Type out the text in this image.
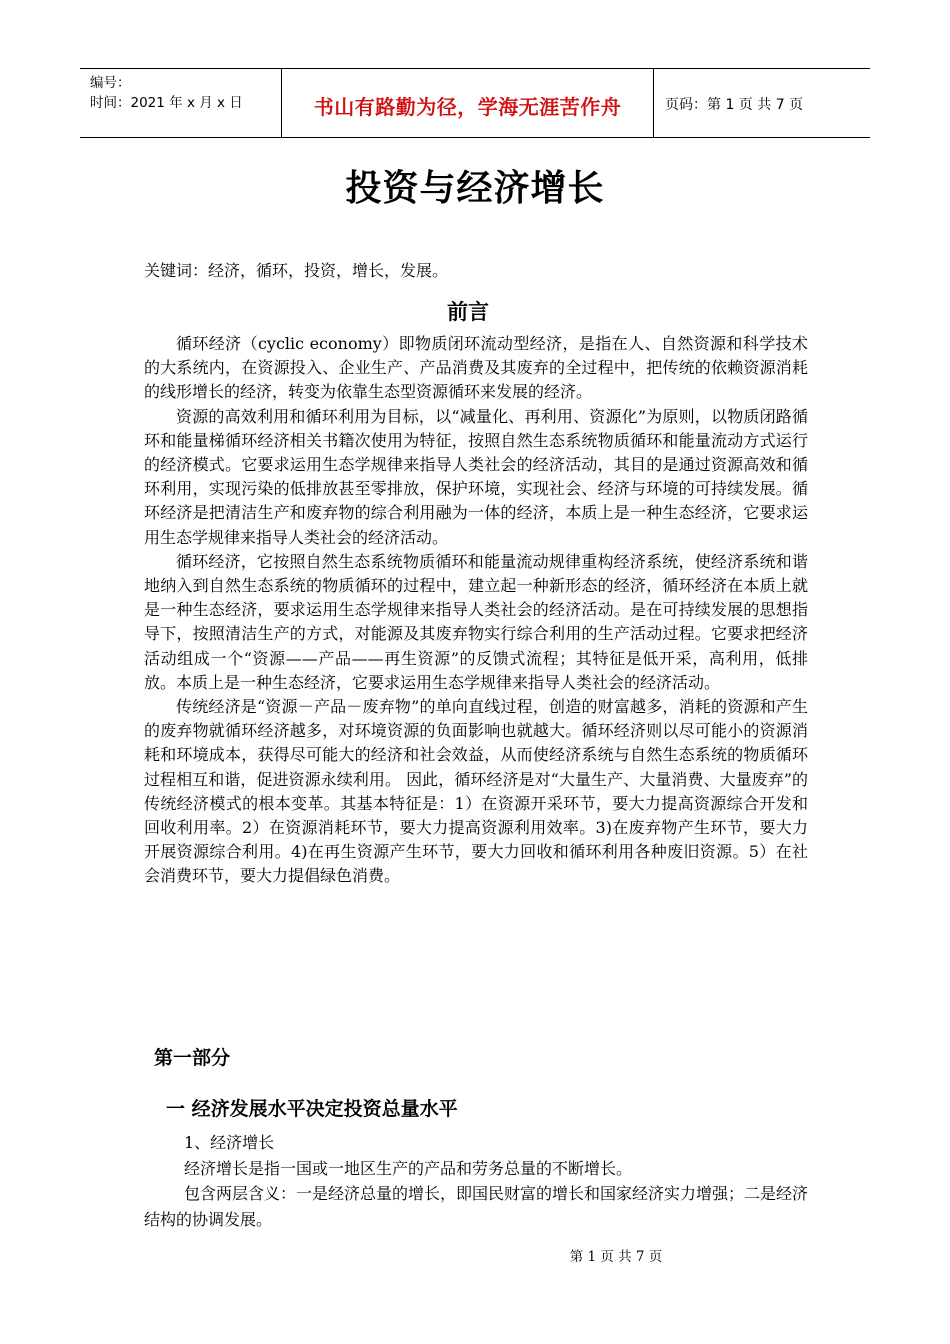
编号：
时间：2021 年 x 月 x 日	书山有路勤为径，学海无涯苦作舟	页码：第 1 页 共 7 页
投资与经济增长
关键词：经济，循环，投资，增长，发展。
前言

循环经济（cyclic economy）即物质闭环流动型经济，是指在人、自然资源和科学技术的大系统内，在资源投入、企业生产、产品消费及其废弃的全过程中，把传统的依赖资源消耗的线形增长的经济，转变为依靠生态型资源循环来发展的经济。

资源的高效利用和循环利用为目标，以“减量化、再利用、资源化”为原则，以物质闭路循环和能量梯循环经济相关书籍次使用为特征，按照自然生态系统物质循环和能量流动方式运行的经济模式。它要求运用生态学规律来指导人类社会的经济活动，其目的是通过资源高效和循环利用，实现污染的低排放甚至零排放，保护环境，实现社会、经济与环境的可持续发展。循环经济是把清洁生产和废弃物的综合利用融为一体的经济，本质上是一种生态经济，它要求运用生态学规律来指导人类社会的经济活动。

循环经济，它按照自然生态系统物质循环和能量流动规律重构经济系统，使经济系统和谐地纳入到自然生态系统的物质循环的过程中，建立起一种新形态的经济，循环经济在本质上就是一种生态经济，要求运用生态学规律来指导人类社会的经济活动。是在可持续发展的思想指导下，按照清洁生产的方式，对能源及其废弃物实行综合利用的生产活动过程。它要求把经济活动组成一个“资源——产品——再生资源”的反馈式流程；其特征是低开采，高利用，低排放。本质上是一种生态经济，它要求运用生态学规律来指导人类社会的经济活动。

传统经济是“资源－产品－废弃物”的单向直线过程，创造的财富越多，消耗的资源和产生的废弃物就循环经济越多，对环境资源的负面影响也就越大。循环经济则以尽可能小的资源消耗和环境成本，获得尽可能大的经济和社会效益，从而使经济系统与自然生态系统的物质循环过程相互和谐，促进资源永续利用。 因此，循环经济是对“大量生产、大量消费、大量废弃”的传统经济模式的根本变革。其基本特征是：1）在资源开采环节，要大力提高资源综合开发和回收利用率。2）在资源消耗环节，要大力提高资源利用效率。3)在废弃物产生环节，要大力开展资源综合利用。4)在再生资源产生环节，要大力回收和循环利用各种废旧资源。5）在社会消费环节，要大力提倡绿色消费。

第一部分
一 经济发展水平决定投资总量水平

1、经济增长

经济增长是指一国或一地区生产的产品和劳务总量的不断增长。

包含两层含义：一是经济总量的增长，即国民财富的增长和国家经济实力增强；二是经济结构的协调发展。

第 1 页 共 7 页
